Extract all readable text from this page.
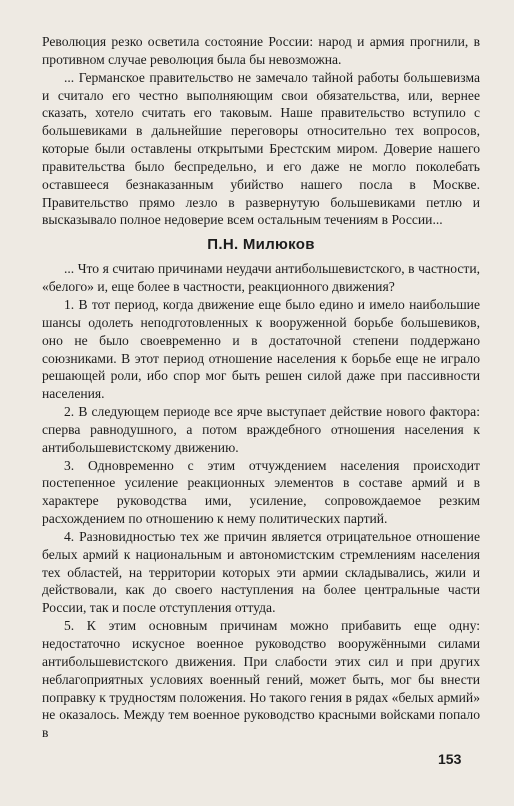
Революция резко осветила состояние России: народ и армия прогнили, в противном случае революция была бы невозможна.

... Германское правительство не замечало тайной работы большевизма и считало его честно выполняющим свои обязательства, или, вернее сказать, хотело считать его таковым. Наше правительство вступило с большевиками в дальнейшие переговоры относительно тех вопросов, которые были оставлены открытыми Брестским миром. Доверие нашего правительства было беспредельно, и его даже не могло поколебать оставшееся безнаказанным убийство нашего посла в Москве. Правительство прямо лезло в развернутую большевиками петлю и высказывало полное недоверие всем остальным течениям в России...

П.Н. Милюков

... Что я считаю причинами неудачи антибольшевистского, в частности, «белого» и, еще более в частности, реакционного движения?

1. В тот период, когда движение еще было едино и имело наибольшие шансы одолеть неподготовленных к вооруженной борьбе большевиков, оно не было своевременно и в достаточной степени поддержано союзниками. В этот период отношение населения к борьбе еще не играло решающей роли, ибо спор мог быть решен силой даже при пассивности населения.

2. В следующем периоде все ярче выступает действие нового фактора: сперва равнодушного, а потом враждебного отношения населения к антибольшевистскому движению.

3. Одновременно с этим отчуждением населения происходит постепенное усиление реакционных элементов в составе армий и в характере руководства ими, усиление, сопровождаемое резким расхождением по отношению к нему политических партий.

4. Разновидностью тех же причин является отрицательное отношение белых армий к национальным и автономистским стремлениям населения тех областей, на территории которых эти армии складывались, жили и действовали, как до своего наступления на более центральные части России, так и после отступления оттуда.

5. К этим основным причинам можно прибавить еще одну: недостаточно искусное военное руководство вооружёнными силами антибольшевистского движения. При слабости этих сил и при других неблагоприятных условиях военный гений, может быть, мог бы внести поправку к трудностям положения. Но такого гения в рядах «белых армий» не оказалось. Между тем военное руководство красными войсками попало в

153
